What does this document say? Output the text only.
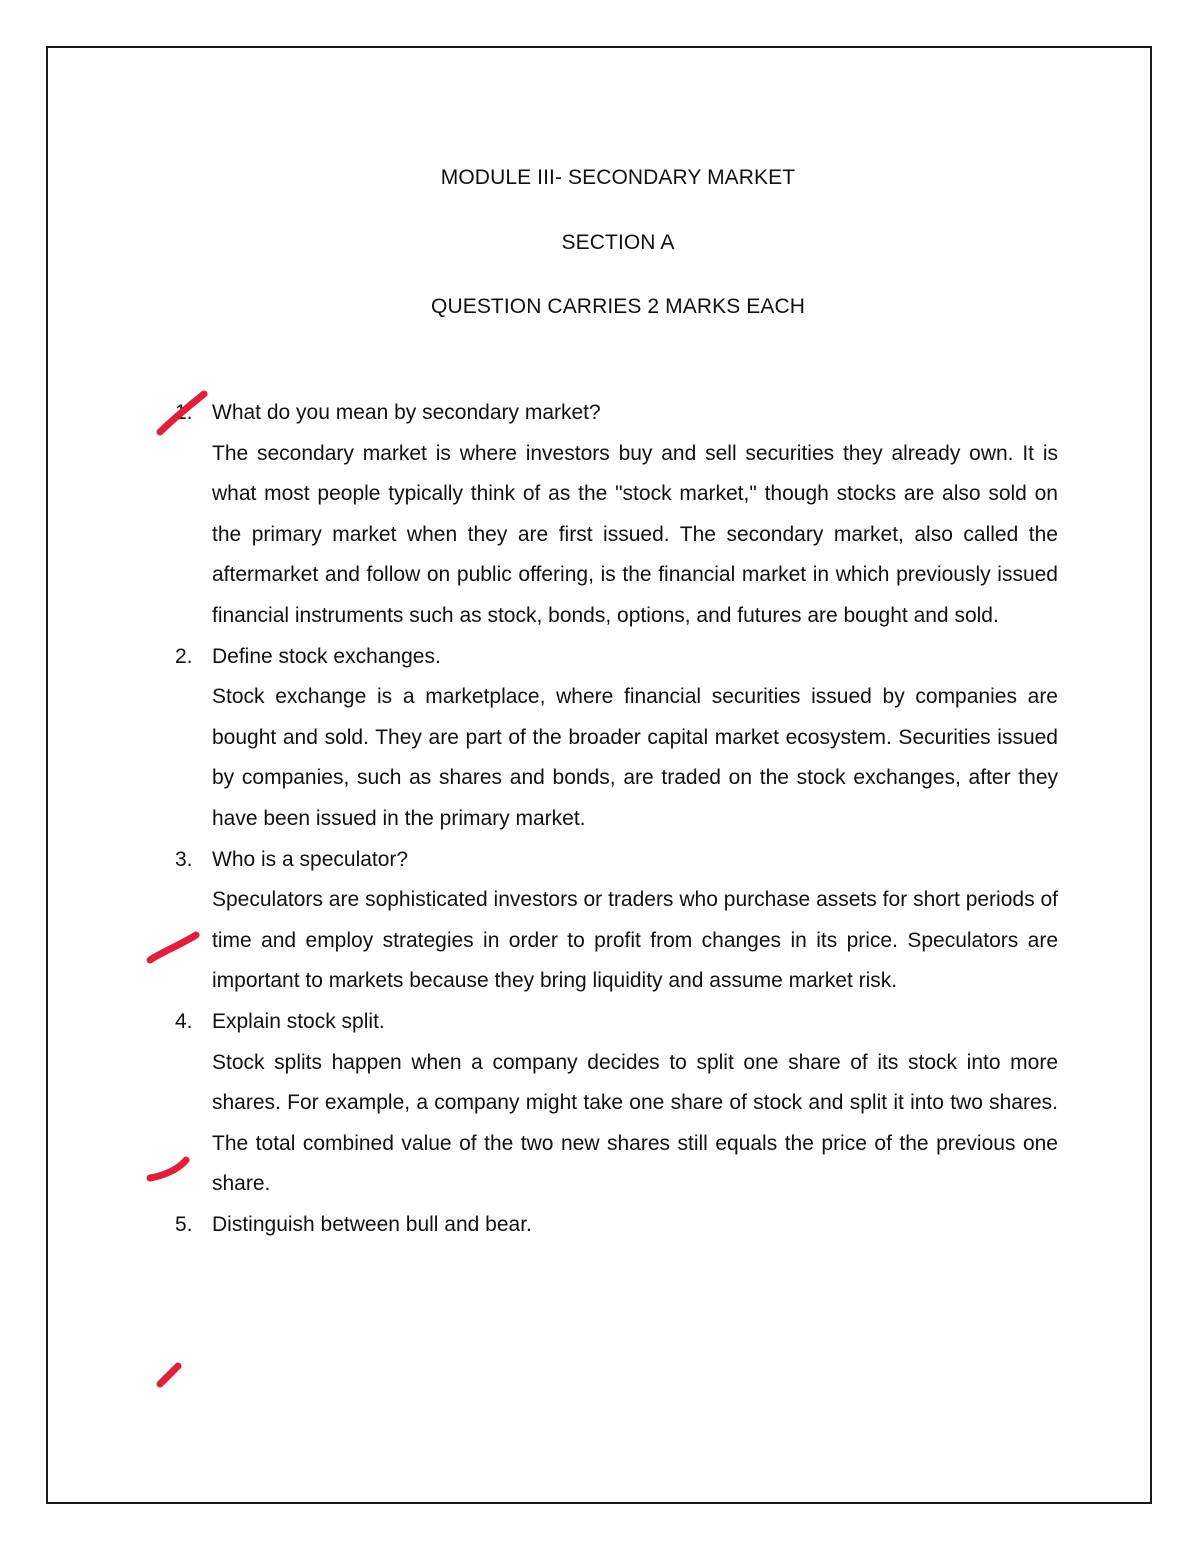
MODULE III- SECONDARY MARKET
SECTION A
QUESTION CARRIES 2 MARKS EACH
1. What do you mean by secondary market?
The secondary market is where investors buy and sell securities they already own. It is what most people typically think of as the "stock market," though stocks are also sold on the primary market when they are first issued. The secondary market, also called the aftermarket and follow on public offering, is the financial market in which previously issued financial instruments such as stock, bonds, options, and futures are bought and sold.
2. Define stock exchanges.
Stock exchange is a marketplace, where financial securities issued by companies are bought and sold. They are part of the broader capital market ecosystem. Securities issued by companies, such as shares and bonds, are traded on the stock exchanges, after they have been issued in the primary market.
3. Who is a speculator?
Speculators are sophisticated investors or traders who purchase assets for short periods of time and employ strategies in order to profit from changes in its price. Speculators are important to markets because they bring liquidity and assume market risk.
4. Explain stock split.
Stock splits happen when a company decides to split one share of its stock into more shares. For example, a company might take one share of stock and split it into two shares. The total combined value of the two new shares still equals the price of the previous one share.
5. Distinguish between bull and bear.
